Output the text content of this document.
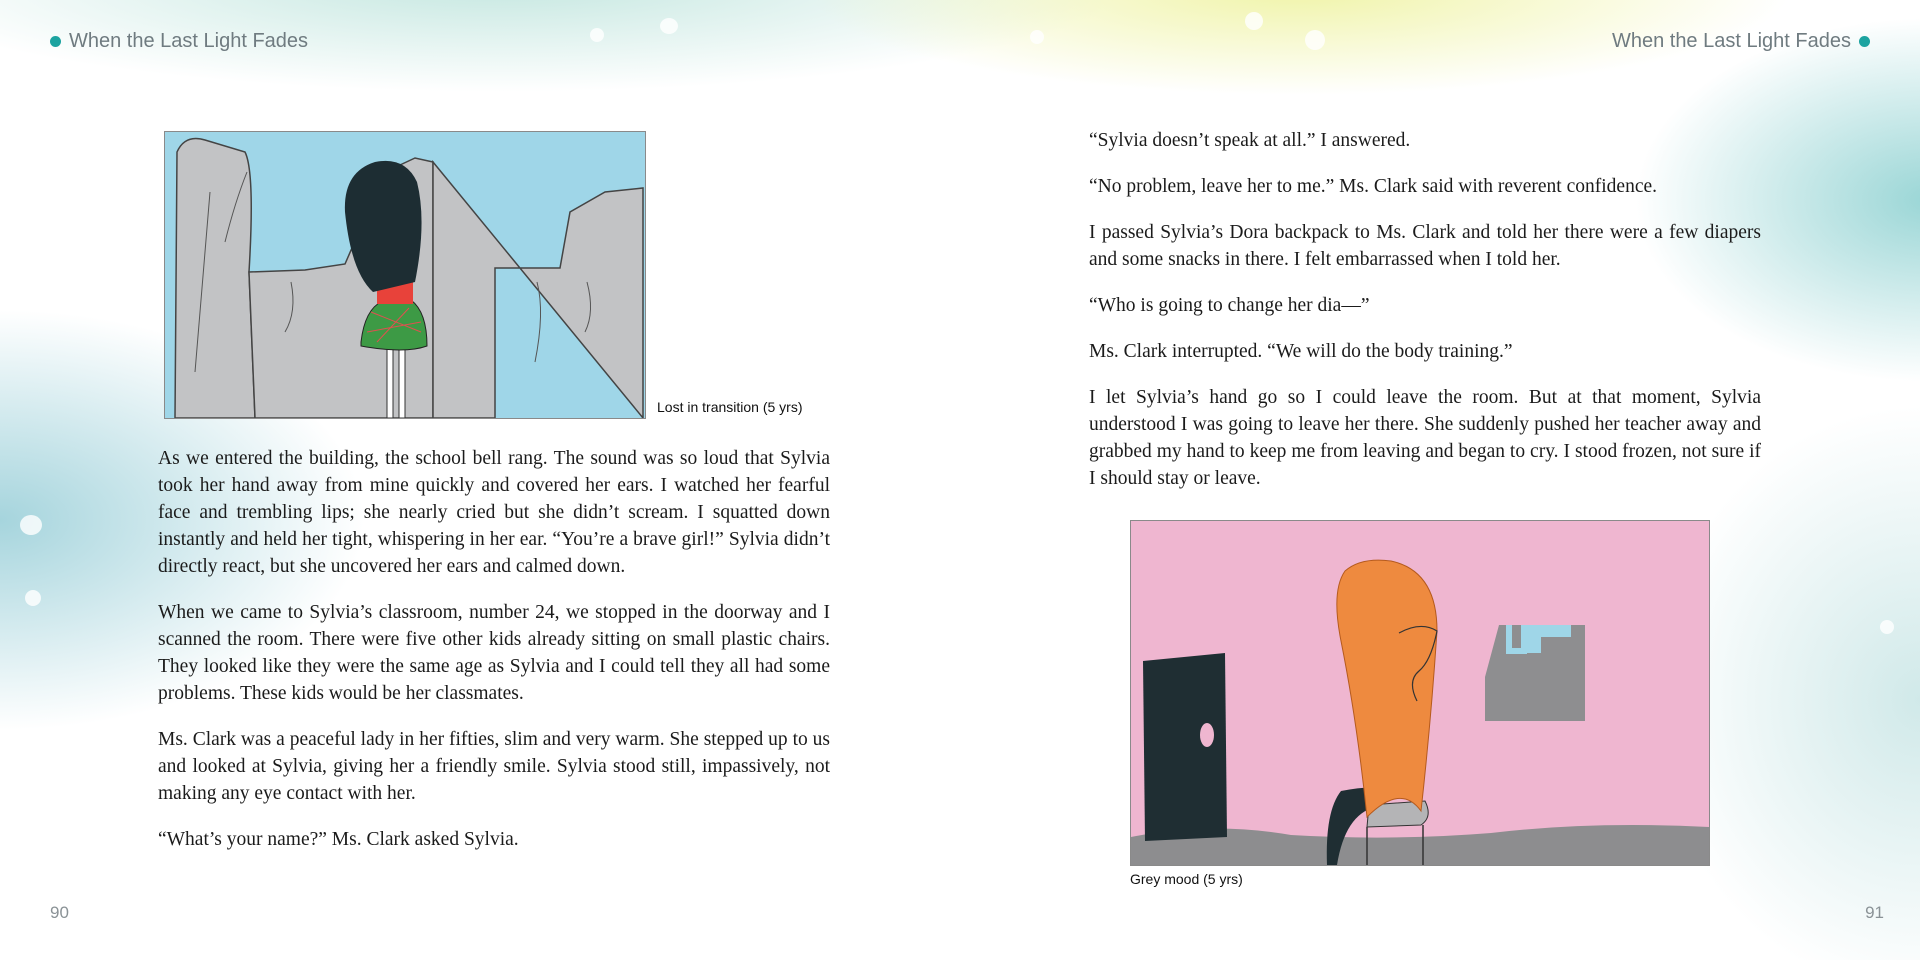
When the Last Light Fades	When the Last Light Fades
Lost in transition (5 yrs)

As we entered the building, the school bell rang. The sound was so loud that Sylvia took her hand away from mine quickly and covered her ears. I watched her fearful face and trembling lips; she nearly cried but she didn’t scream. I squatted down instantly and held her tight, whispering in her ear. “You’re a brave girl!” Sylvia didn’t directly react, but she uncovered her ears and calmed down.

When we came to Sylvia’s classroom, number 24, we stopped in the doorway and I scanned the room. There were five other kids already sitting on small plastic chairs. They looked like they were the same age as Sylvia and I could tell they all had some problems. These kids would be her classmates.

Ms. Clark was a peaceful lady in her fifties, slim and very warm. She stepped up to us and looked at Sylvia, giving her a friendly smile. Sylvia stood still, impassively, not making any eye contact with her.

“What’s your name?” Ms. Clark asked Sylvia.

90

“Sylvia doesn’t speak at all.” I answered.

“No problem, leave her to me.” Ms. Clark said with reverent confidence.

I passed Sylvia’s Dora backpack to Ms. Clark and told her there were a few diapers and some snacks in there. I felt embarrassed when I told her.

“Who is going to change her dia—”

Ms. Clark interrupted. “We will do the body training.”

I let Sylvia’s hand go so I could leave the room. But at that moment, Sylvia understood I was going to leave her there. She suddenly pushed her teacher away and grabbed my hand to keep me from leaving and began to cry. I stood frozen, not sure if I should stay or leave.

Grey mood (5 yrs)
91
